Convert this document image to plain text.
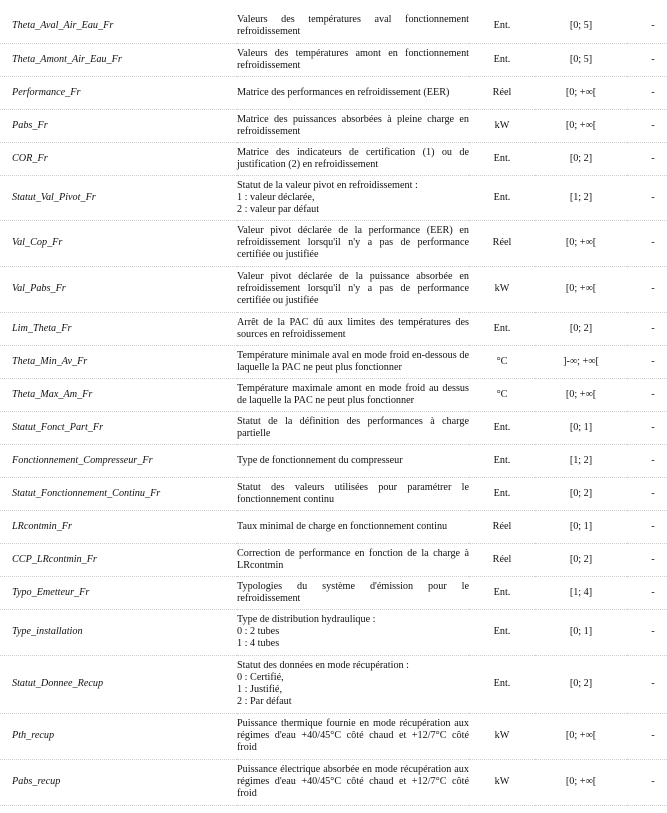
Theta_Aval_Air_Eau_Fr	Valeurs des températures aval fonctionnement refroidissement	Ent.	[0; 5]	-
Theta_Amont_Air_Eau_Fr	Valeurs des températures amont en fonctionnement refroidissement	Ent.	[0; 5]	-
Performance_Fr	Matrice des performances en refroidissement (EER)	Réel	[0; +∞[	-
Pabs_Fr	Matrice des puissances absorbées à pleine charge en refroidissement	kW	[0; +∞[	-
COR_Fr	Matrice des indicateurs de certification (1) ou de justification (2) en refroidissement	Ent.	[0; 2]	-
Statut_Val_Pivot_Fr	Statut de la valeur pivot en refroidissement :
1 : valeur déclarée,
2 : valeur par défaut	Ent.	[1; 2]	-
Val_Cop_Fr	Valeur pivot déclarée de la performance (EER) en refroidissement lorsqu'il n'y a pas de performance certifiée ou justifiée	Réel	[0; +∞[	-
Val_Pabs_Fr	Valeur pivot déclarée de la puissance absorbée en refroidissement lorsqu'il n'y a pas de performance certifiée ou justifiée	kW	[0; +∞[	-
Lim_Theta_Fr	Arrêt de la PAC dû aux limites des températures des sources en refroidissement	Ent.	[0; 2]	-
Theta_Min_Av_Fr	Température minimale aval en mode froid en-dessous de laquelle la PAC ne peut plus fonctionner	°C	]-∞; +∞[	-
Theta_Max_Am_Fr	Température maximale amont en mode froid au dessus de laquelle la PAC ne peut plus fonctionner	°C	[0; +∞[	-
Statut_Fonct_Part_Fr	Statut de la définition des performances à charge partielle	Ent.	[0; 1]	-
Fonctionnement_Compresseur_Fr	Type de fonctionnement du compresseur	Ent.	[1; 2]	-
Statut_Fonctionnement_Continu_Fr	Statut des valeurs utilisées pour paramétrer le fonctionnement continu	Ent.	[0; 2]	-
LRcontmin_Fr	Taux minimal de charge en fonctionnement continu	Réel	[0; 1]	-
CCP_LRcontmin_Fr	Correction de performance en fonction de la charge à LRcontmin	Réel	[0; 2]	-
Typo_Emetteur_Fr	Typologies du système d'émission pour le refroidissement	Ent.	[1; 4]	-
Type_installation	Type de distribution hydraulique :
0 : 2 tubes
1 : 4 tubes	Ent.	[0; 1]	-
Statut_Donnee_Recup	Statut des données en mode récupération :
0 : Certifié,
1 : Justifié,
2 : Par défaut	Ent.	[0; 2]	-
Pth_recup	Puissance thermique fournie en mode récupération aux régimes d'eau +40/45°C côté chaud et +12/7°C côté froid	kW	[0; +∞[	-
Pabs_recup	Puissance électrique absorbée en mode récupération aux régimes d'eau +40/45°C côté chaud et +12/7°C côté froid	kW	[0; +∞[	-
